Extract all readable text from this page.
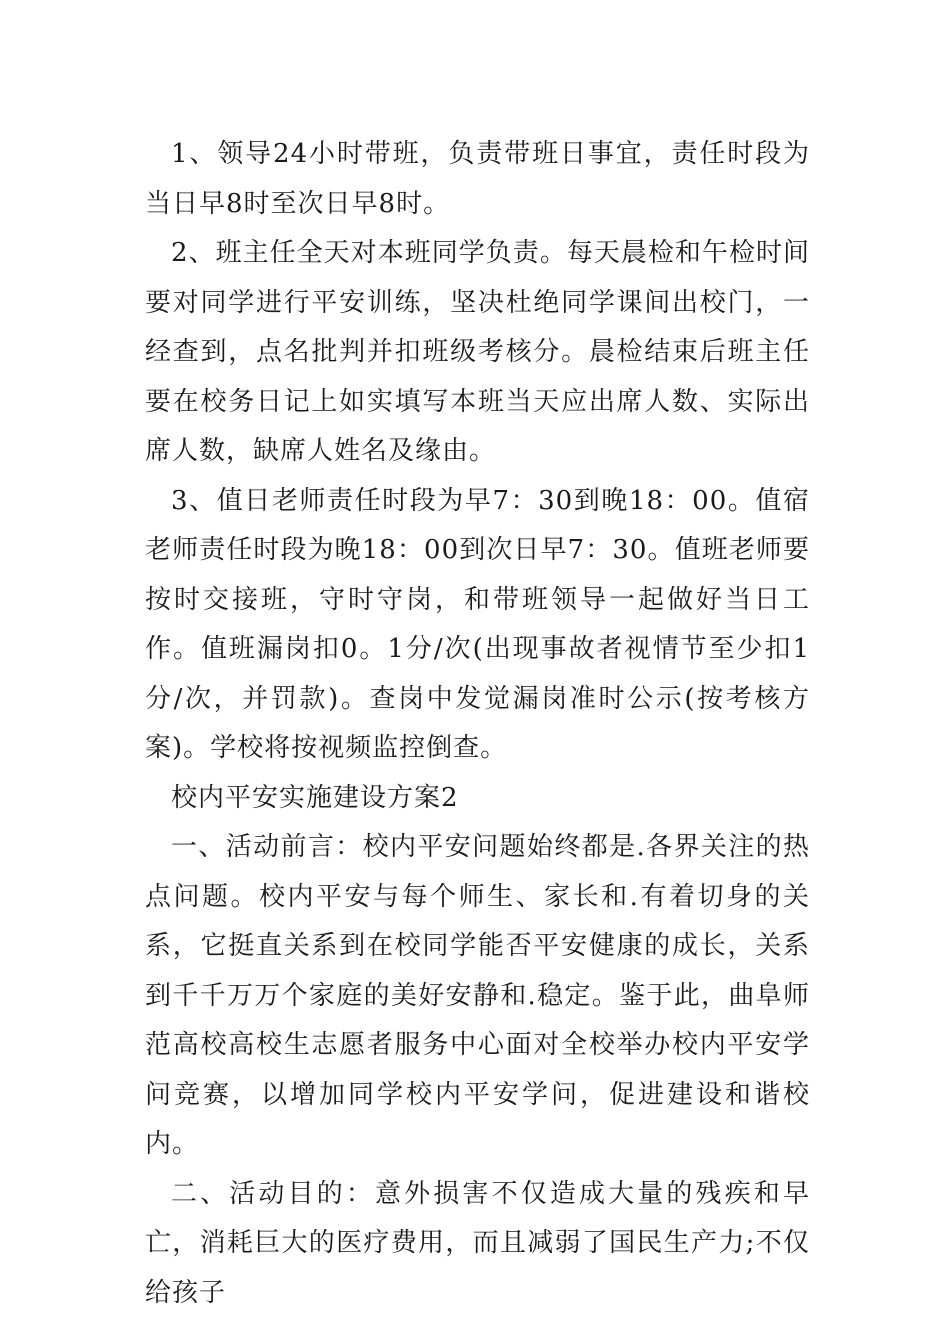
1、领导24小时带班，负责带班日事宜，责任时段为当日早8时至次日早8时。

2、班主任全天对本班同学负责。每天晨检和午检时间要对同学进行平安训练，坚决杜绝同学课间出校门，一经查到，点名批判并扣班级考核分。晨检结束后班主任要在校务日记上如实填写本班当天应出席人数、实际出席人数，缺席人姓名及缘由。

3、值日老师责任时段为早7：30到晚18：00。值宿老师责任时段为晚18：00到次日早7：30。值班老师要按时交接班，守时守岗，和带班领导一起做好当日工作。值班漏岗扣0。1分/次(出现事故者视情节至少扣1分/次，并罚款)。查岗中发觉漏岗准时公示(按考核方案)。学校将按视频监控倒查。

校内平安实施建设方案2

一、活动前言：校内平安问题始终都是.各界关注的热点问题。校内平安与每个师生、家长和.有着切身的关系，它挺直关系到在校同学能否平安健康的成长，关系到千千万万个家庭的美好安静和.稳定。鉴于此，曲阜师范高校高校生志愿者服务中心面对全校举办校内平安学问竞赛，以增加同学校内平安学问，促进建设和谐校内。

二、活动目的：意外损害不仅造成大量的残疾和早亡，消耗巨大的医疗费用，而且减弱了国民生产力;不仅给孩子
